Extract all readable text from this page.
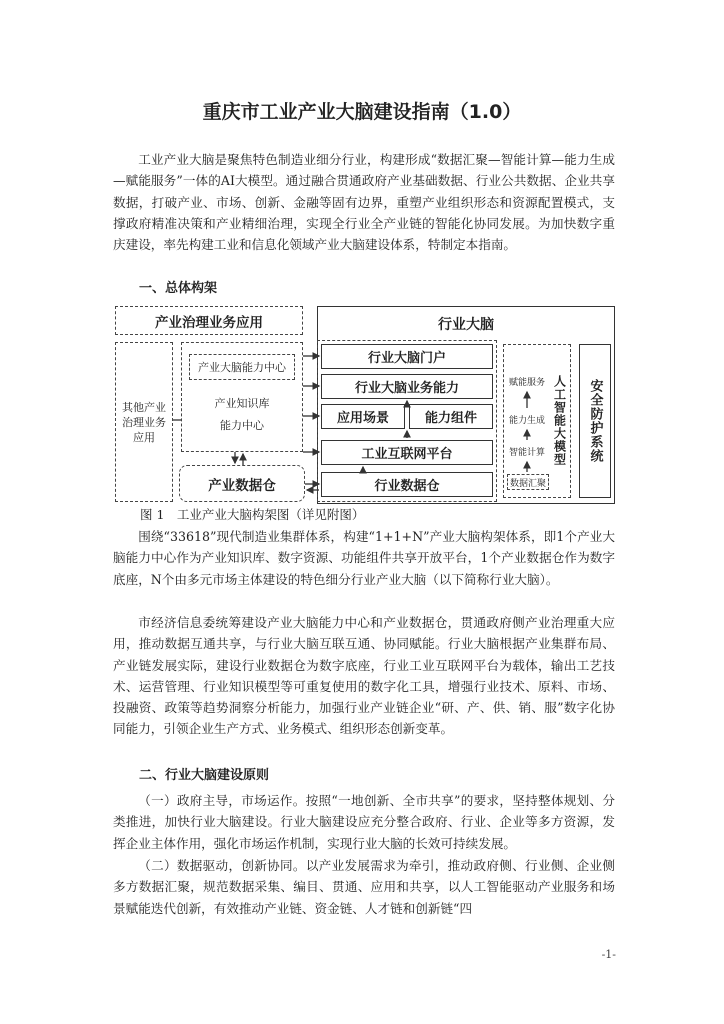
重庆市工业产业大脑建设指南（1.0）

工业产业大脑是聚焦特色制造业细分行业，构建形成“数据汇聚—智能计算—能力生成—赋能服务”一体的AI大模型。通过融合贯通政府产业基础数据、行业公共数据、企业共享数据，打破产业、市场、创新、金融等固有边界，重塑产业组织形态和资源配置模式，支撑政府精准决策和产业精细治理，实现全行业全产业链的智能化协同发展。为加快数字重庆建设，率先构建工业和信息化领域产业大脑建设体系，特制定本指南。

一、总体构架
产业治理业务应用
其他产业治理业务应用
产业大脑能力中心
产业知识库
能力中心
产业数据仓
行业大脑
行业大脑门户
行业大脑业务能力
应用场景	能力组件
工业互联网平台
行业数据仓
赋能服务
能力生成
智能计算
数据汇聚
人工智能大模型	安全防护系统
图 1　工业产业大脑构架图（详见附图）

围绕“33618”现代制造业集群体系，构建“1+1+N”产业大脑构架体系，即1个产业大脑能力中心作为产业知识库、数字资源、功能组件共享开放平台，1个产业数据仓作为数字底座，N个由多元市场主体建设的特色细分行业产业大脑（以下简称行业大脑）。

市经济信息委统筹建设产业大脑能力中心和产业数据仓，贯通政府侧产业治理重大应用，推动数据互通共享，与行业大脑互联互通、协同赋能。行业大脑根据产业集群布局、产业链发展实际，建设行业数据仓为数字底座，行业工业互联网平台为载体，输出工艺技术、运营管理、行业知识模型等可重复使用的数字化工具，增强行业技术、原料、市场、投融资、政策等趋势洞察分析能力，加强行业产业链企业“研、产、供、销、服”数字化协同能力，引领企业生产方式、业务模式、组织形态创新变革。

二、行业大脑建设原则

（一）政府主导，市场运作。按照“一地创新、全市共享”的要求，坚持整体规划、分类推进，加快行业大脑建设。行业大脑建设应充分整合政府、行业、企业等多方资源，发挥企业主体作用，强化市场运作机制，实现行业大脑的长效可持续发展。

（二）数据驱动，创新协同。以产业发展需求为牵引，推动政府侧、行业侧、企业侧多方数据汇聚，规范数据采集、编目、贯通、应用和共享，以人工智能驱动产业服务和场景赋能迭代创新，有效推动产业链、资金链、人才链和创新链“四

-1-
